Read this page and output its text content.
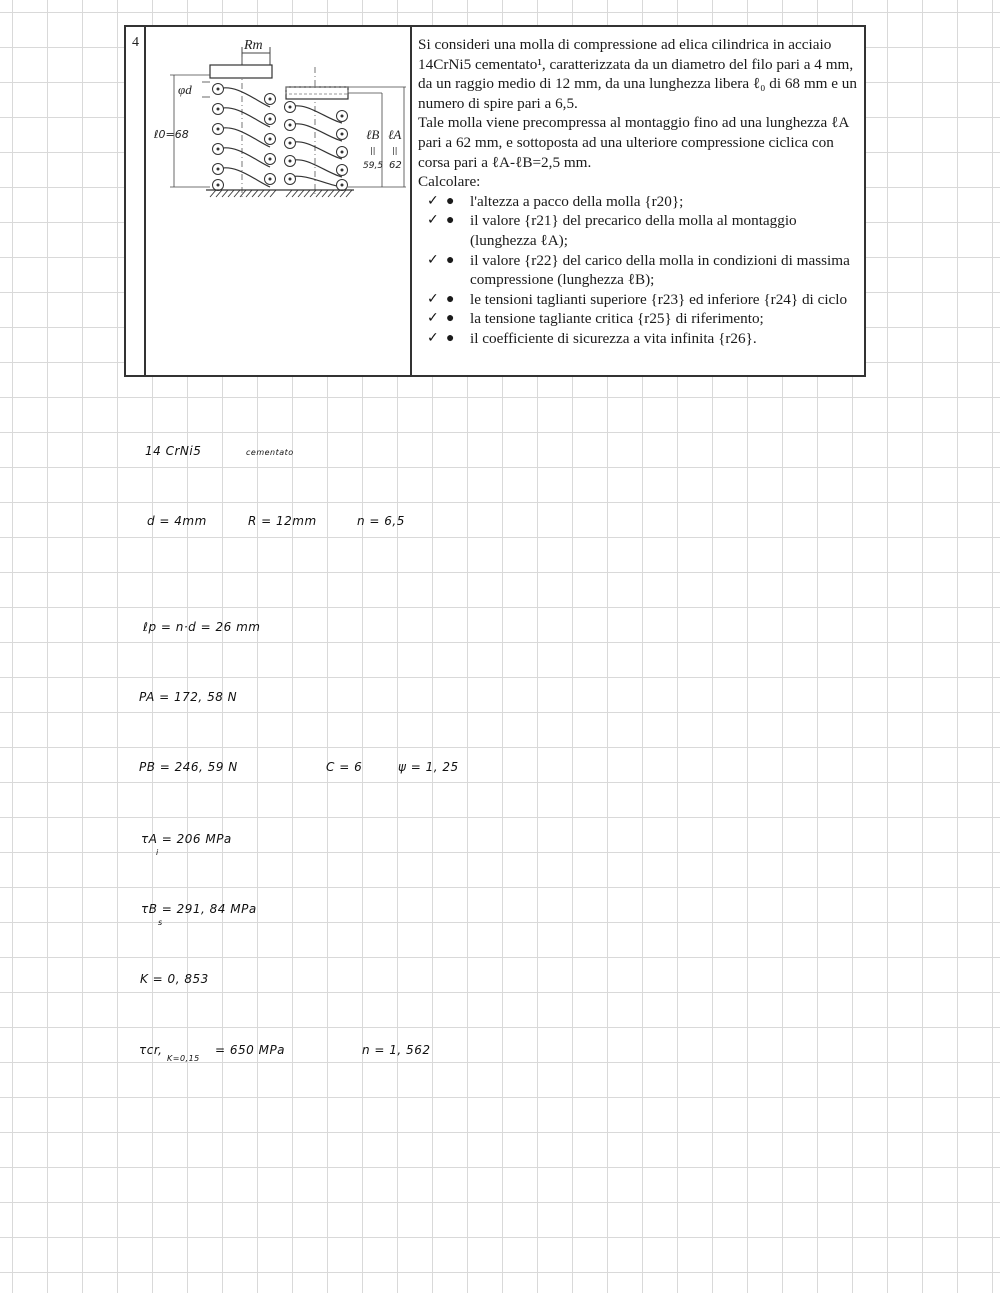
4	Rm
φd
ℓ0=68	ℓB ℓA
|| ||
59,5 62

Si consideri una molla di compressione ad elica cilindrica in acciaio 14CrNi5 cementato¹, caratterizzata da un diametro del filo pari a 4 mm, da un raggio medio di 12 mm, da una lunghezza libera ℓ₀ di 68 mm e un numero di spire pari a 6,5.

Tale molla viene precompressa al montaggio fino ad una lunghezza ℓA pari a 62 mm, e sottoposta ad una ulteriore compressione ciclica con corsa pari a ℓA-ℓB=2,5 mm.

Calcolare:

✓ ● l'altezza a pacco della molla {r20};
✓ ● il valore {r21} del precarico della molla al montaggio (lunghezza ℓA);
✓ ● il valore {r22} del carico della molla in condizioni di massima compressione (lunghezza ℓB);
✓ ● le tensioni taglianti superiore {r23} ed inferiore {r24} di ciclo
✓ ● la tensione tagliante critica {r25} di riferimento;
✓ ● il coefficiente di sicurezza a vita infinita {r26}.
14 CrNi5	cementato
d = 4mm	R = 12mm	n = 6,5
ℓp = n·d = 26 mm
PA = 172, 58 N
PB = 246, 59 N	C = 6	ψ = 1, 25
τA = 206 MPa
i
τB = 291, 84 MPa
s
K = 0, 853
τcr,
K=0,15
= 650 MPa	n = 1, 562
